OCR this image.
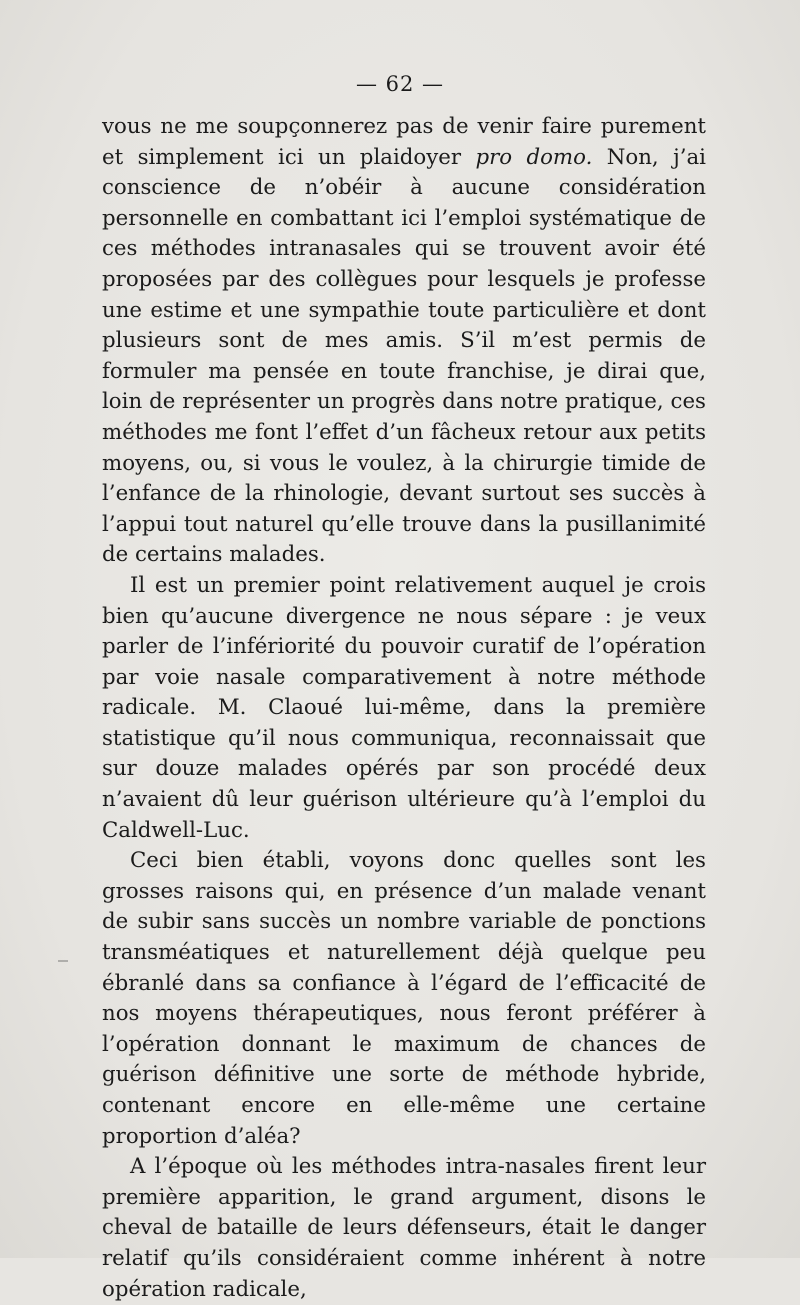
— 62 —

vous ne me soupçonnerez pas de venir faire purement et simplement ici un plaidoyer pro domo. Non, j’ai conscience de n’obéir à aucune considération personnelle en combattant ici l’emploi systématique de ces méthodes intranasales qui se trouvent avoir été proposées par des collègues pour lesquels je professe une estime et une sympathie toute particulière et dont plusieurs sont de mes amis. S’il m’est permis de formuler ma pensée en toute franchise, je dirai que, loin de représenter un progrès dans notre pratique, ces méthodes me font l’effet d’un fâcheux retour aux petits moyens, ou, si vous le voulez, à la chirurgie timide de l’enfance de la rhinologie, devant surtout ses succès à l’appui tout naturel qu’elle trouve dans la pusillanimité de certains malades.

Il est un premier point relativement auquel je crois bien qu’aucune divergence ne nous sépare : je veux parler de l’infériorité du pouvoir curatif de l’opération par voie nasale comparativement à notre méthode radicale. M. Claoué lui-même, dans la première statistique qu’il nous communiqua, reconnaissait que sur douze malades opérés par son procédé deux n’avaient dû leur guérison ultérieure qu’à l’emploi du Caldwell-Luc.

Ceci bien établi, voyons donc quelles sont les grosses raisons qui, en présence d’un malade venant de subir sans succès un nombre variable de ponctions transméatiques et naturellement déjà quelque peu ébranlé dans sa confiance à l’égard de l’efficacité de nos moyens thérapeutiques, nous feront préférer à l’opération donnant le maximum de chances de guérison définitive une sorte de méthode hybride, contenant encore en elle-même une certaine proportion d’aléa?

A l’époque où les méthodes intra-nasales firent leur première apparition, le grand argument, disons le cheval de bataille de leurs défenseurs, était le danger relatif qu’ils considéraient comme inhérent à notre opération radicale,
